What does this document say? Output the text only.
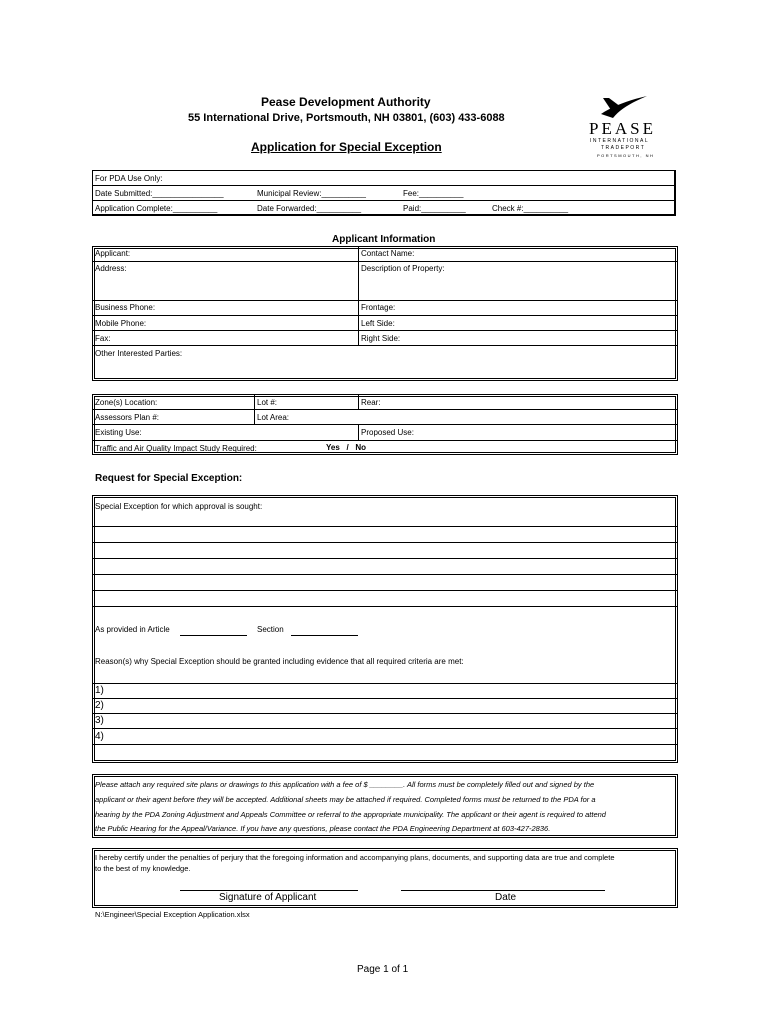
Pease Development Authority
55 International Drive, Portsmouth, NH 03801, (603) 433-6088
Application for Special Exception
PEASE
INTERNATIONAL
TRADEPORT
PORTSMOUTH, NH
For PDA Use Only:
Date Submitted:________________	Municipal Review:__________	Fee:__________
Application Complete:__________	Date Forwarded:__________	Paid:__________	Check #:__________
Applicant Information
Applicant:	Contact Name:
Address:	Description of Property:
Business Phone:	Frontage:
Mobile Phone:	Left Side:
Fax:	Right Side:
Other Interested Parties:
Zone(s) Location:	Lot #:	Rear:
Assessors Plan #:	Lot Area:
Existing Use:	Proposed Use:
Traffic and Air Quality Impact Study Required:	Yes   /   No
Request for Special Exception:
Special Exception for which approval is sought:
As provided in Article	Section
Reason(s) why Special Exception should be granted including evidence that all required criteria are met:
1)
2)
3)
4)
Please attach any required site plans or drawings to this application with a fee of $ ________. All forms must be completely filled out and signed by the
applicant or their agent before they will be accepted. Additional sheets may be attached if required. Completed forms must be returned to the PDA for a
hearing by the PDA Zoning Adjustment and Appeals Committee or referral to the appropriate municipality. The applicant or their agent is required to attend
the Public Hearing for the Appeal/Variance. If you have any questions, please contact the PDA Engineering Department at 603-427-2836.
I hereby certify under the penalties of perjury that the foregoing information and accompanying plans, documents, and supporting data are true and complete
to the best of my knowledge.
Signature of Applicant	Date
N:\Engineer\Special Exception Application.xlsx
Page 1 of 1
